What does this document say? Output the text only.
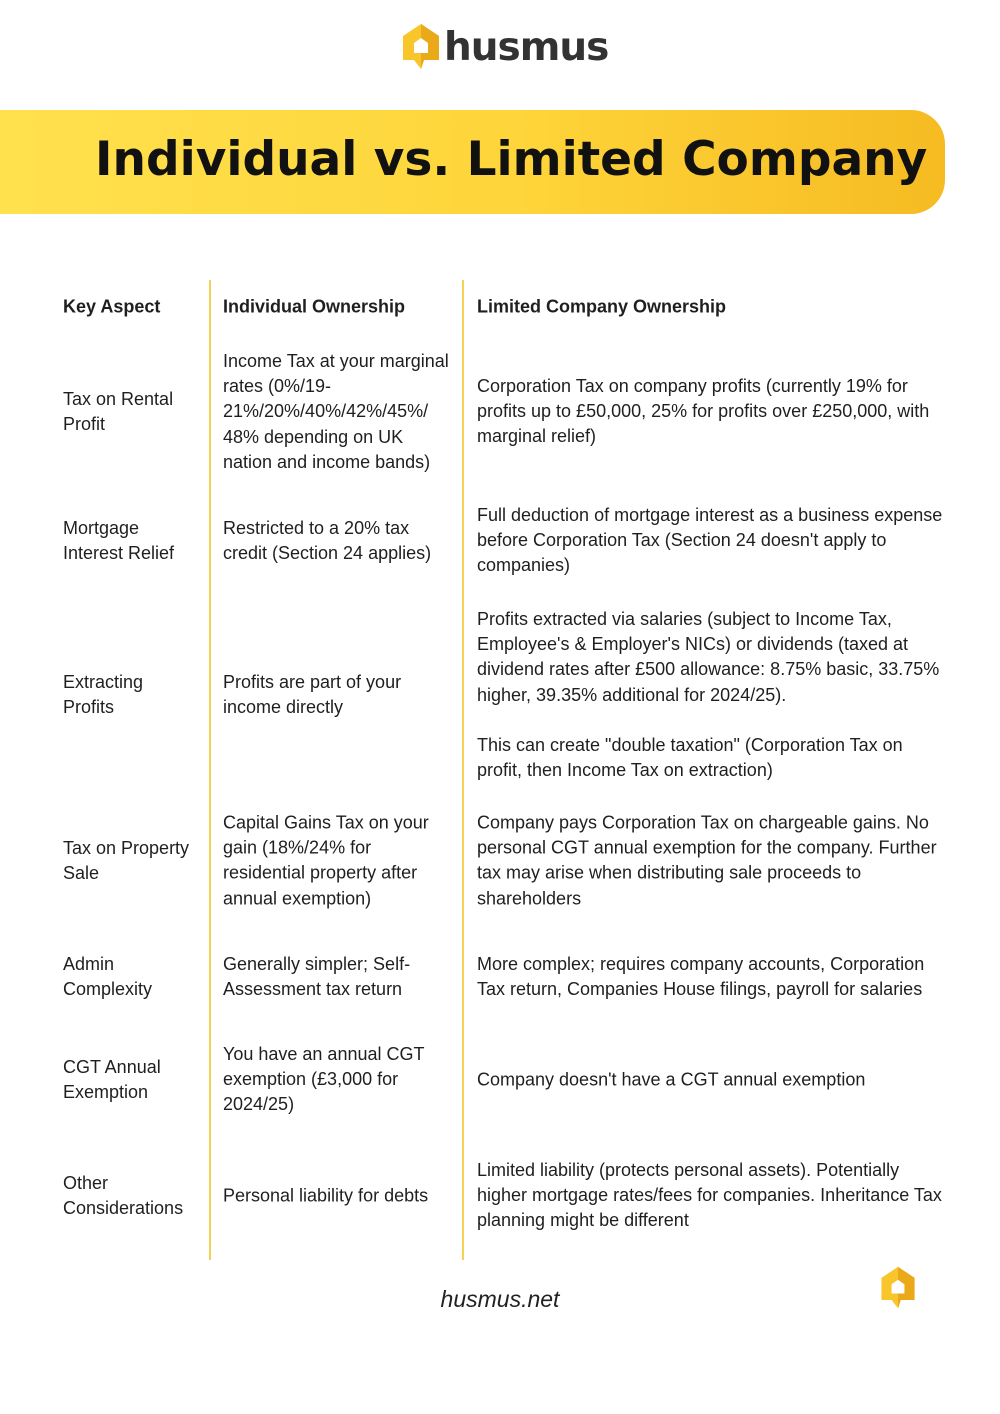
husmus
Individual vs. Limited Company
Key Aspect	Individual Ownership	Limited Company Ownership
Tax on Rental Profit
Income Tax at your marginal rates (0%/19-21%/20%/40%/42%/45%/ 48% depending on UK nation and income bands)

Corporation Tax on company profits (currently 19% for profits up to £50,000, 25% for profits over £250,000, with marginal relief)

Mortgage Interest Relief
Restricted to a 20% tax credit (Section 24 applies)

Full deduction of mortgage interest as a business expense before Corporation Tax (Section 24 doesn't apply to companies)

Extracting Profits
Profits are part of your income directly

Profits extracted via salaries (subject to Income Tax, Employee's & Employer's NICs) or dividends (taxed at dividend rates after £500 allowance: 8.75% basic, 33.75% higher, 39.35% additional for 2024/25).

This can create "double taxation" (Corporation Tax on profit, then Income Tax on extraction)

Tax on Property Sale
Capital Gains Tax on your gain (18%/24% for residential property after annual exemption)

Company pays Corporation Tax on chargeable gains. No personal CGT annual exemption for the company. Further tax may arise when distributing sale proceeds to shareholders

Admin Complexity
Generally simpler; Self-Assessment tax return

More complex; requires company accounts, Corporation Tax return, Companies House filings, payroll for salaries

CGT Annual Exemption
You have an annual CGT exemption (£3,000 for 2024/25)

Company doesn't have a CGT annual exemption

Other Considerations
Personal liability for debts

Limited liability (protects personal assets). Potentially higher mortgage rates/fees for companies. Inheritance Tax planning might be different

husmus.net
